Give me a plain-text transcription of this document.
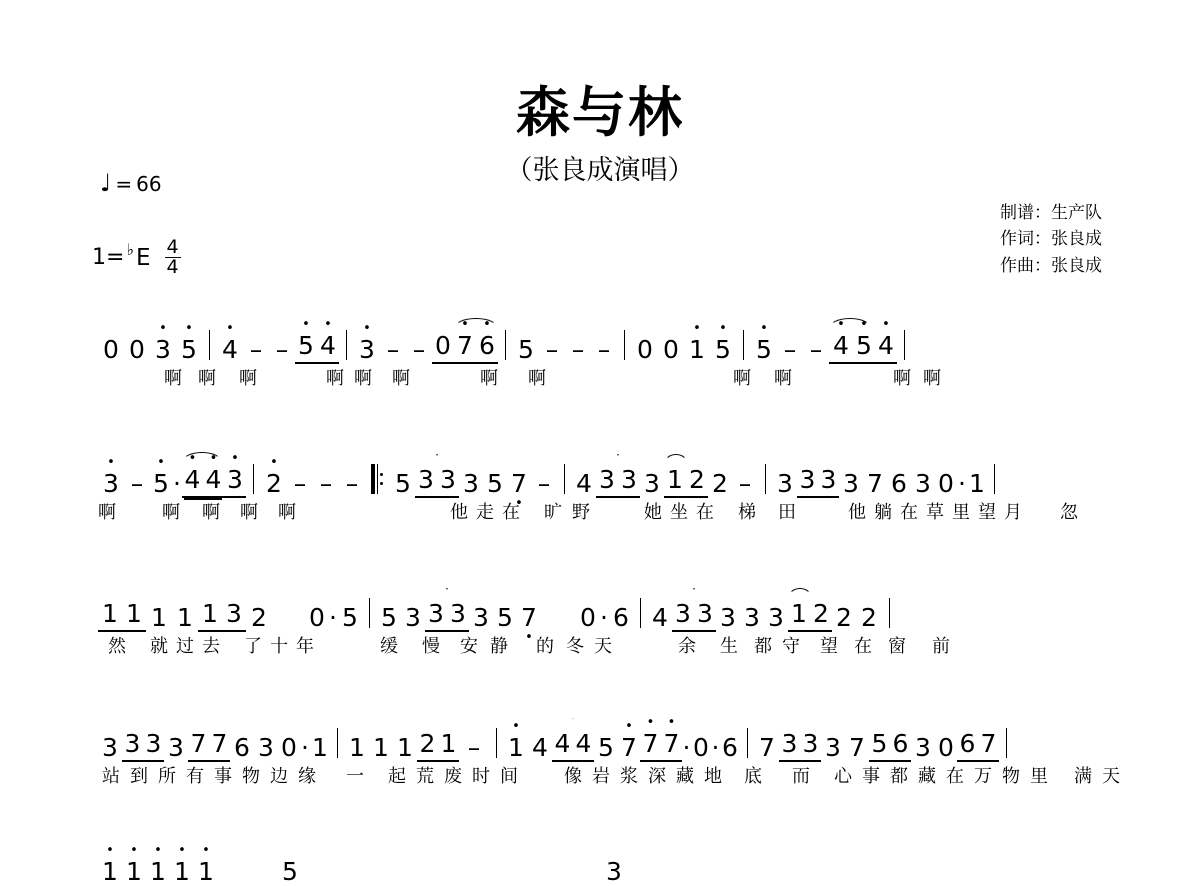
森与林
（张良成演唱）
♩ = 66
1= ♭ E $\frac{4}{4}$
制谱：生产队
作词：张良成
作曲：张良成
0 0 • 3 • 5 • 4 – – • 5 • 4 • 3 – – 0 • 7 • 6 5 – – – 0 0 • 1 • 5 • 5 – – • 4 • 5 • 4
啊 啊 啊	啊 啊 啊	啊 啊	啊 啊	啊 啊
• 3 – • 5 · • 4 • 4 • 3 • 2 – – – 5 3 3 3 5 7 • – 4 3 3 3 1 2 2 – 3 3 3 3 7 6 3 0 · 1
啊	啊 啊 啊 啊	他 走 在 旷 野	她 坐 在 梯 田	他 躺 在 草 里 望 月 忽
1 1 1 1 1 3 2 0 · 5 5 3 3 3 3 5 7 • 0 · 6 4 3 3 3 3 3 1 2 2 2
然 就 过 去 了 十 年	缓 慢 安 静 的 冬 天	余 生 都 守 望 在 窗 前
3 3 3 3 7 7 6 3 0 · 1 1 1 1 2 1 –	• 1 4 4 4 5 • 7 • 7 • 7 · 0 · 6 7 3 3 3 7 5 6 3 0 6 7
站 到 所 有 事 物 边 缘 一 起 荒 废 时 间	像 岩 浆 深 藏 地 底 而 心 事 都 藏 在 万 物 里 满 天
• 1 • 1 • 1 • 1 • 1	5	3
